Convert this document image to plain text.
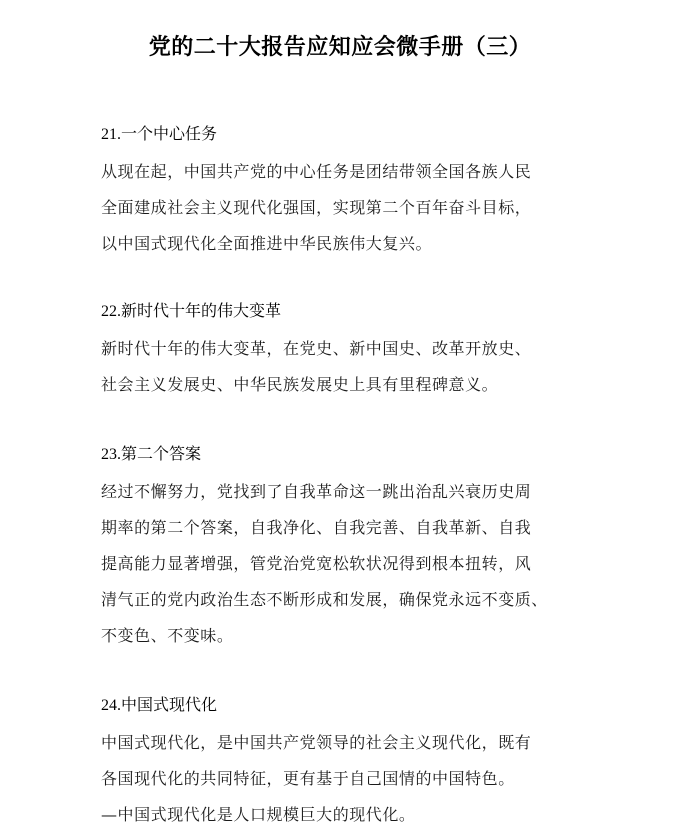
党的二十大报告应知应会微手册（三）
21.一个中心任务
从现在起，中国共产党的中心任务是团结带领全国各族人民
全面建成社会主义现代化强国，实现第二个百年奋斗目标，
以中国式现代化全面推进中华民族伟大复兴。
22.新时代十年的伟大变革
新时代十年的伟大变革，在党史、新中国史、改革开放史、
社会主义发展史、中华民族发展史上具有里程碑意义。
23.第二个答案
经过不懈努力，党找到了自我革命这一跳出治乱兴衰历史周
期率的第二个答案，自我净化、自我完善、自我革新、自我
提高能力显著增强，管党治党宽松软状况得到根本扭转，风
清气正的党内政治生态不断形成和发展，确保党永远不变质、
不变色、不变味。
24.中国式现代化
中国式现代化，是中国共产党领导的社会主义现代化，既有
各国现代化的共同特征，更有基于自己国情的中国特色。
—中国式现代化是人口规模巨大的现代化。
